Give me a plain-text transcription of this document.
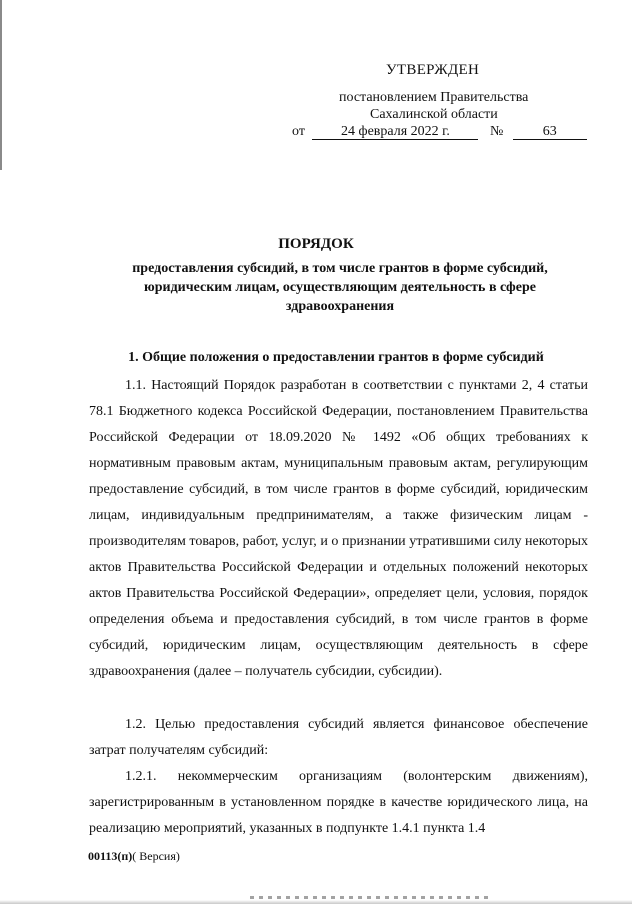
УТВЕРЖДЕН
постановлением Правительства
Сахалинской области
от	24 февраля 2022 г.	№	63
ПОРЯДОК
предоставления субсидий, в том числе грантов в форме субсидий, юридическим лицам, осуществляющим деятельность в сфере здравоохранения
1. Общие положения о предоставлении грантов в форме субсидий
1.1. Настоящий Порядок разработан в соответствии с пунктами 2, 4 статьи 78.1 Бюджетного кодекса Российской Федерации, постановлением Правительства Российской Федерации от 18.09.2020 № 1492 «Об общих требованиях к нормативным правовым актам, муниципальным правовым актам, регулирующим предоставление субсидий, в том числе грантов в форме субсидий, юридическим лицам, индивидуальным предпринимателям, а также физическим лицам - производителям товаров, работ, услуг, и о признании утратившими силу некоторых актов Правительства Российской Федерации и отдельных положений некоторых актов Правительства Российской Федерации», определяет цели, условия, порядок определения объема и предоставления субсидий, в том числе грантов в форме субсидий, юридическим лицам, осуществляющим деятельность в сфере здравоохранения (далее – получатель субсидии, субсидии).
1.2. Целью предоставления субсидий является финансовое обеспечение затрат получателям субсидий:
1.2.1. некоммерческим организациям (волонтерским движениям), зарегистрированным в установленном порядке в качестве юридического лица, на реализацию мероприятий, указанных в подпункте 1.4.1 пункта 1.4
00113(п)( Версия)
